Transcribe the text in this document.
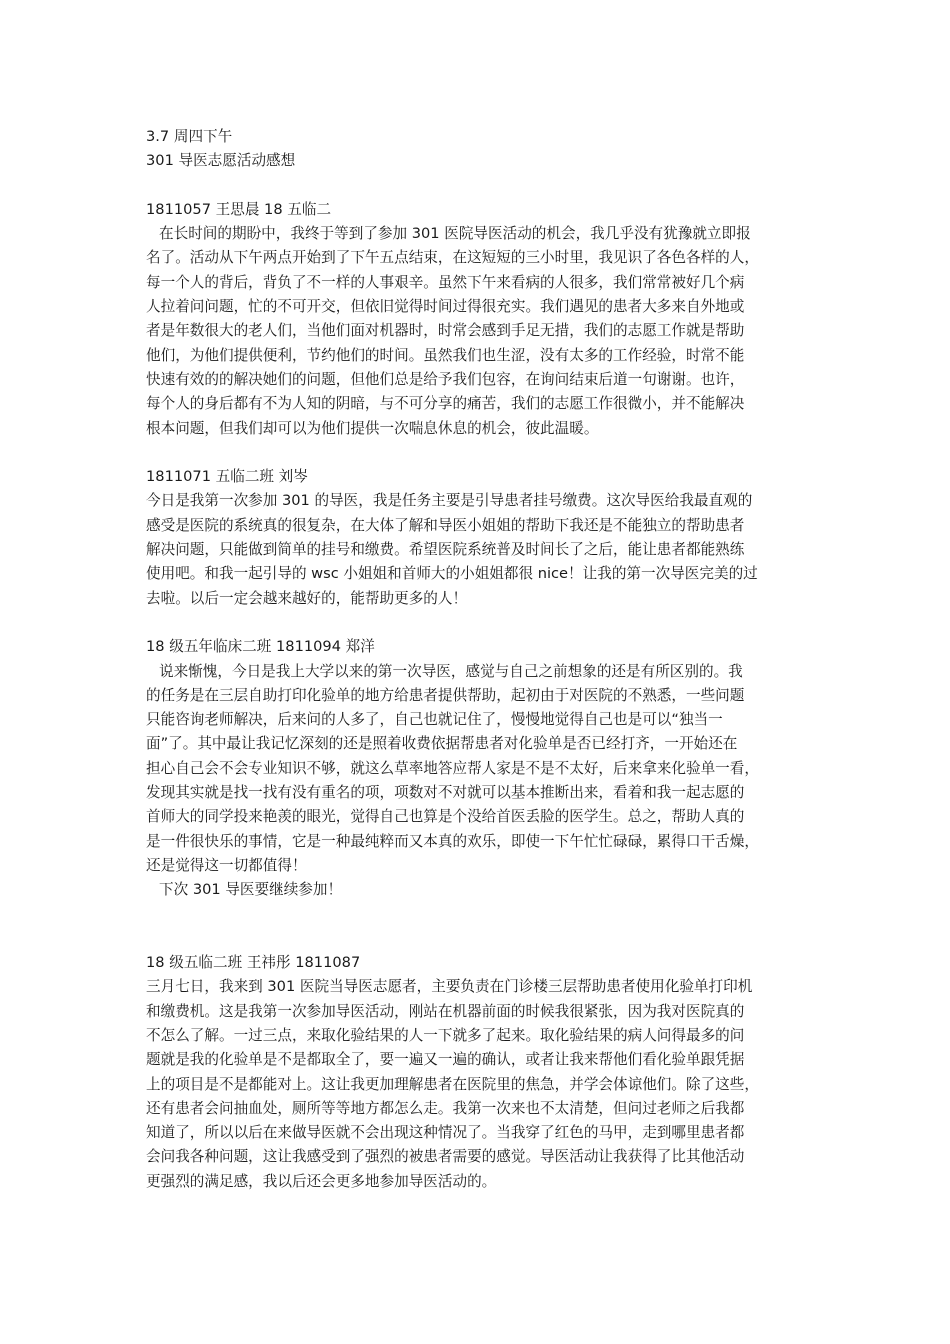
3.7 周四下午
301 导医志愿活动感想
1811057 王思晨 18 五临二
在长时间的期盼中，我终于等到了参加 301 医院导医活动的机会，我几乎没有犹豫就立即报
名了。活动从下午两点开始到了下午五点结束，在这短短的三小时里，我见识了各色各样的人，
每一个人的背后，背负了不一样的人事艰辛。虽然下午来看病的人很多，我们常常被好几个病
人拉着问问题，忙的不可开交，但依旧觉得时间过得很充实。我们遇见的患者大多来自外地或
者是年数很大的老人们，当他们面对机器时，时常会感到手足无措，我们的志愿工作就是帮助
他们，为他们提供便利，节约他们的时间。虽然我们也生涩，没有太多的工作经验，时常不能
快速有效的的解决她们的问题，但他们总是给予我们包容，在询问结束后道一句谢谢。也许，
每个人的身后都有不为人知的阴暗，与不可分享的痛苦，我们的志愿工作很微小，并不能解决
根本问题，但我们却可以为他们提供一次喘息休息的机会，彼此温暖。
1811071 五临二班 刘岑
今日是我第一次参加 301 的导医，我是任务主要是引导患者挂号缴费。这次导医给我最直观的
感受是医院的系统真的很复杂，在大体了解和导医小姐姐的帮助下我还是不能独立的帮助患者
解决问题，只能做到简单的挂号和缴费。希望医院系统普及时间长了之后，能让患者都能熟练
使用吧。和我一起引导的 wsc 小姐姐和首师大的小姐姐都很 nice！让我的第一次导医完美的过
去啦。以后一定会越来越好的，能帮助更多的人！
18 级五年临床二班 1811094 郑洋
说来惭愧，今日是我上大学以来的第一次导医，感觉与自己之前想象的还是有所区别的。我
的任务是在三层自助打印化验单的地方给患者提供帮助，起初由于对医院的不熟悉，一些问题
只能咨询老师解决，后来问的人多了，自己也就记住了，慢慢地觉得自己也是可以“独当一
面”了。其中最让我记忆深刻的还是照着收费依据帮患者对化验单是否已经打齐，一开始还在
担心自己会不会专业知识不够，就这么草率地答应帮人家是不是不太好，后来拿来化验单一看，
发现其实就是找一找有没有重名的项，项数对不对就可以基本推断出来，看着和我一起志愿的
首师大的同学投来艳羡的眼光，觉得自己也算是个没给首医丢脸的医学生。总之，帮助人真的
是一件很快乐的事情，它是一种最纯粹而又本真的欢乐，即使一下午忙忙碌碌，累得口干舌燥，
还是觉得这一切都值得！
下次 301 导医要继续参加！
18 级五临二班 王祎彤 1811087
三月七日，我来到 301 医院当导医志愿者，主要负责在门诊楼三层帮助患者使用化验单打印机
和缴费机。这是我第一次参加导医活动，刚站在机器前面的时候我很紧张，因为我对医院真的
不怎么了解。一过三点，来取化验结果的人一下就多了起来。取化验结果的病人问得最多的问
题就是我的化验单是不是都取全了，要一遍又一遍的确认，或者让我来帮他们看化验单跟凭据
上的项目是不是都能对上。这让我更加理解患者在医院里的焦急，并学会体谅他们。除了这些，
还有患者会问抽血处，厕所等等地方都怎么走。我第一次来也不太清楚，但问过老师之后我都
知道了，所以以后在来做导医就不会出现这种情况了。当我穿了红色的马甲，走到哪里患者都
会问我各种问题，这让我感受到了强烈的被患者需要的感觉。导医活动让我获得了比其他活动
更强烈的满足感，我以后还会更多地参加导医活动的。
